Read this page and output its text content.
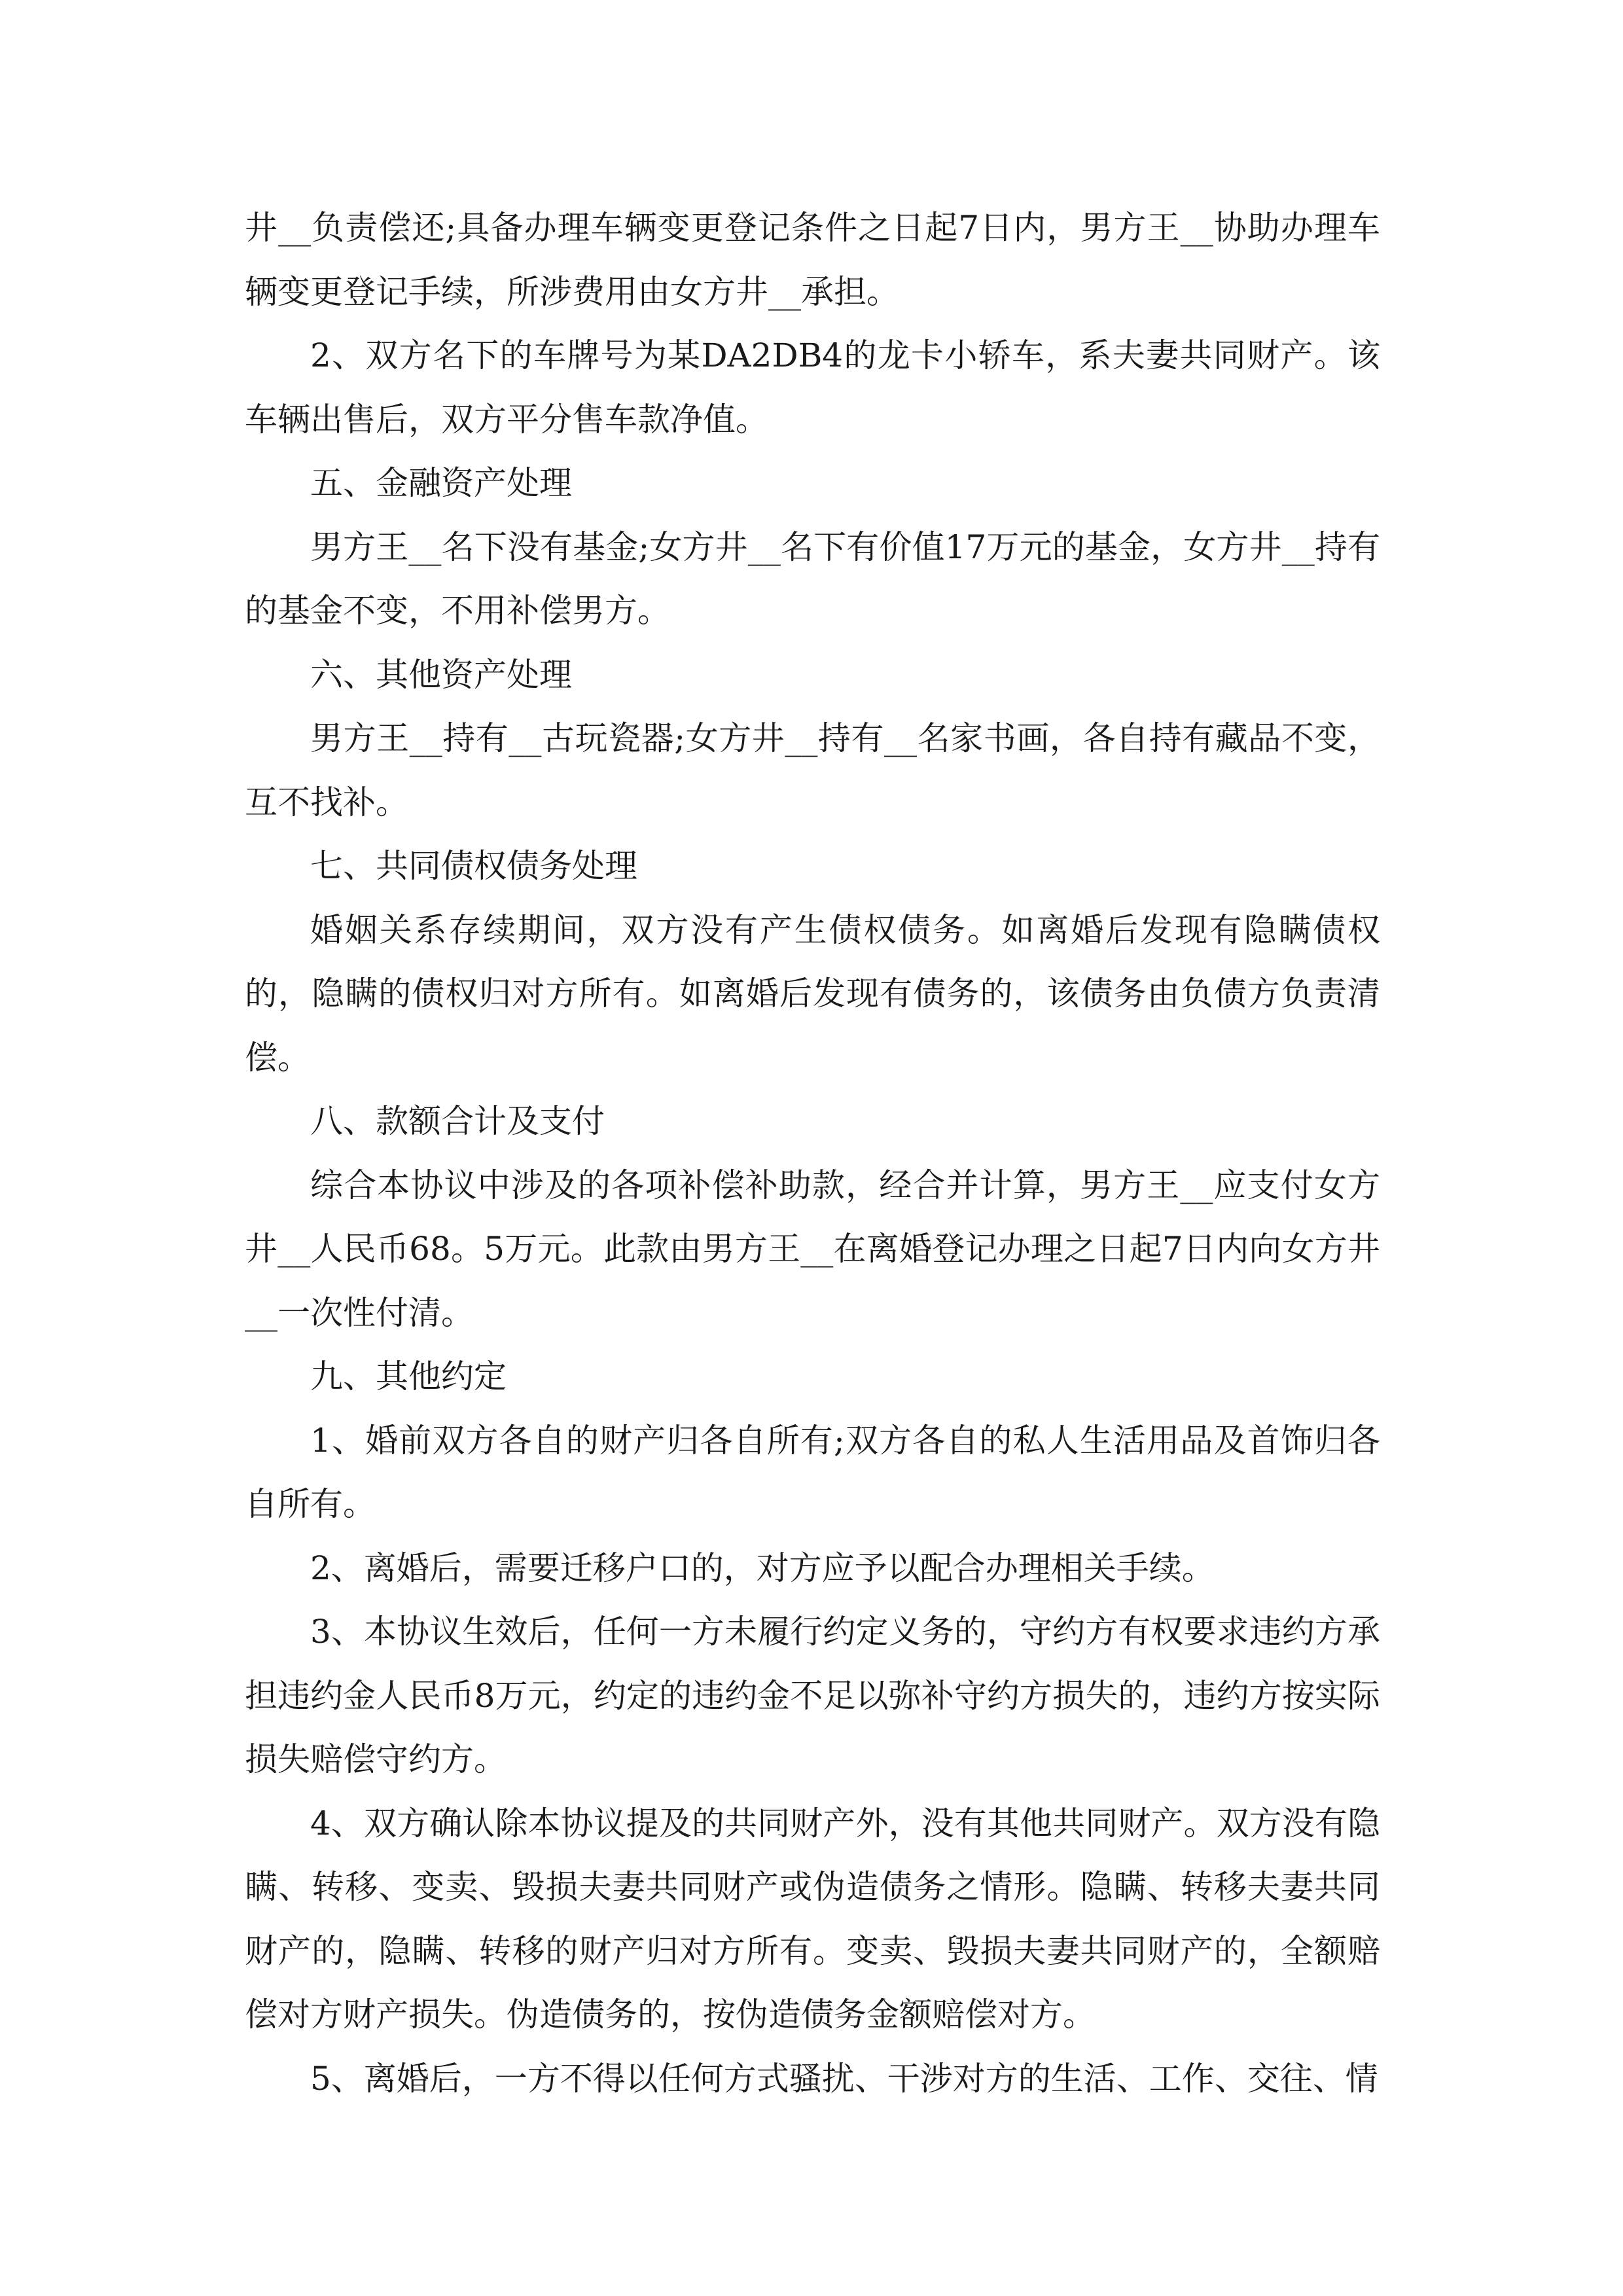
井__负责偿还;具备办理车辆变更登记条件之日起7日内，男方王__协助办理车辆变更登记手续，所涉费用由女方井__承担。

2、双方名下的车牌号为某DA2DB4的龙卡小轿车，系夫妻共同财产。该车辆出售后，双方平分售车款净值。

五、金融资产处理

男方王__名下没有基金;女方井__名下有价值17万元的基金，女方井__持有的基金不变，不用补偿男方。

六、其他资产处理

男方王__持有__古玩瓷器;女方井__持有__名家书画，各自持有藏品不变，互不找补。

七、共同债权债务处理

婚姻关系存续期间，双方没有产生债权债务。如离婚后发现有隐瞒债权的，隐瞒的债权归对方所有。如离婚后发现有债务的，该债务由负债方负责清偿。

八、款额合计及支付

综合本协议中涉及的各项补偿补助款，经合并计算，男方王__应支付女方井__人民币68。5万元。此款由男方王__在离婚登记办理之日起7日内向女方井__一次性付清。

九、其他约定

1、婚前双方各自的财产归各自所有;双方各自的私人生活用品及首饰归各自所有。

2、离婚后，需要迁移户口的，对方应予以配合办理相关手续。

3、本协议生效后，任何一方未履行约定义务的，守约方有权要求违约方承担违约金人民币8万元，约定的违约金不足以弥补守约方损失的，违约方按实际损失赔偿守约方。

4、双方确认除本协议提及的共同财产外，没有其他共同财产。双方没有隐瞒、转移、变卖、毁损夫妻共同财产或伪造债务之情形。隐瞒、转移夫妻共同财产的，隐瞒、转移的财产归对方所有。变卖、毁损夫妻共同财产的，全额赔偿对方财产损失。伪造债务的，按伪造债务金额赔偿对方。

5、离婚后，一方不得以任何方式骚扰、干涉对方的生活、工作、交往、情
